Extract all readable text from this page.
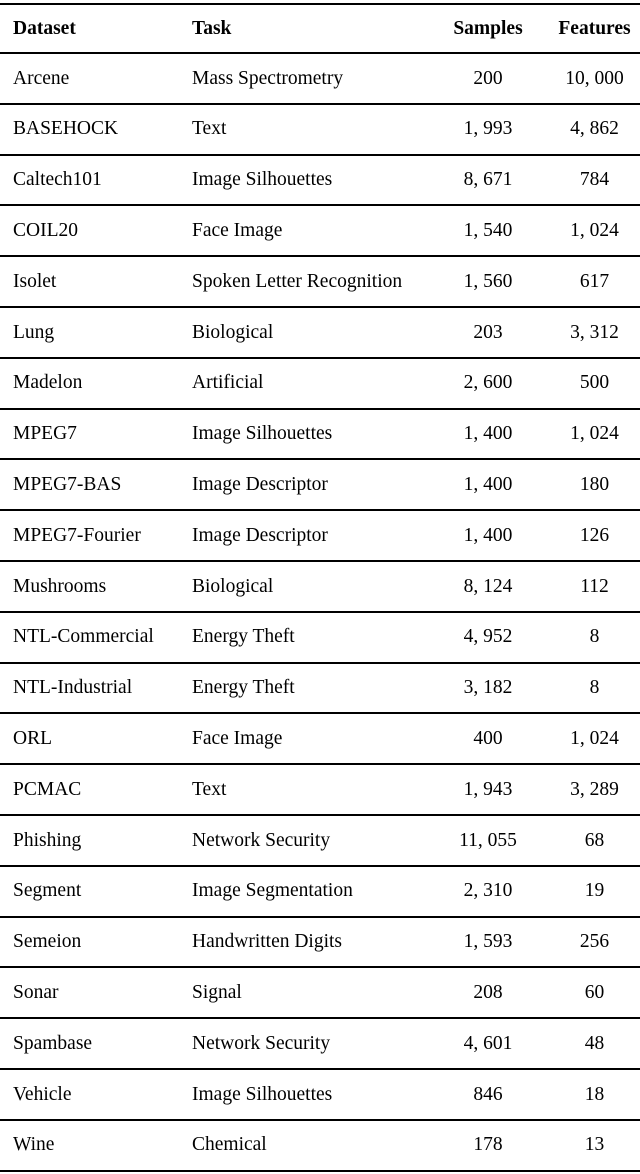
Dataset	Task	Samples	Features
Arcene	Mass Spectrometry	200	10, 000
BASEHOCK	Text	1, 993	4, 862
Caltech101	Image Silhouettes	8, 671	784
COIL20	Face Image	1, 540	1, 024
Isolet	Spoken Letter Recognition	1, 560	617
Lung	Biological	203	3, 312
Madelon	Artificial	2, 600	500
MPEG7	Image Silhouettes	1, 400	1, 024
MPEG7-BAS	Image Descriptor	1, 400	180
MPEG7-Fourier	Image Descriptor	1, 400	126
Mushrooms	Biological	8, 124	112
NTL-Commercial	Energy Theft	4, 952	8
NTL-Industrial	Energy Theft	3, 182	8
ORL	Face Image	400	1, 024
PCMAC	Text	1, 943	3, 289
Phishing	Network Security	11, 055	68
Segment	Image Segmentation	2, 310	19
Semeion	Handwritten Digits	1, 593	256
Sonar	Signal	208	60
Spambase	Network Security	4, 601	48
Vehicle	Image Silhouettes	846	18
Wine	Chemical	178	13
